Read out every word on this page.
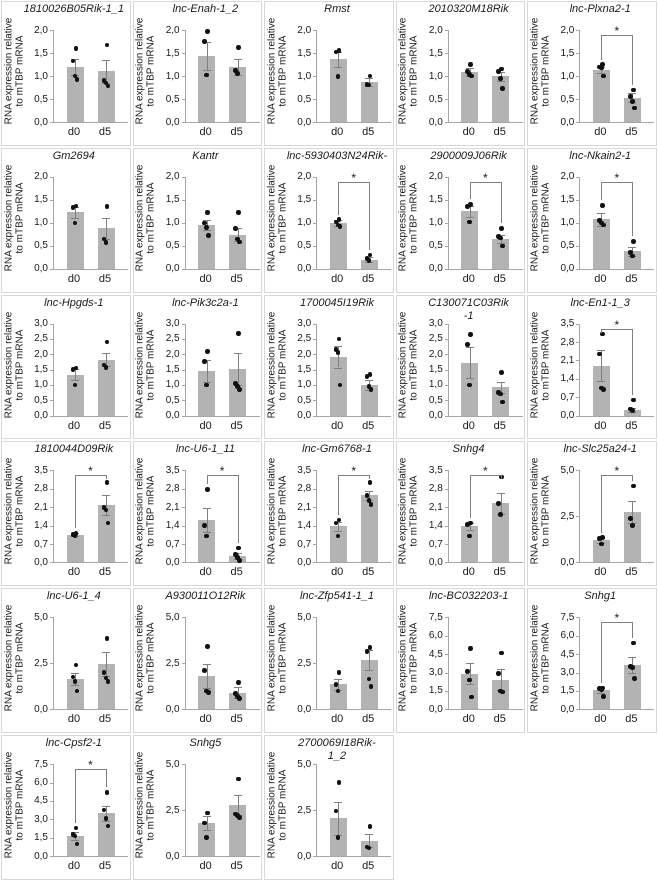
1810026B05Rik-1_1
RNA expression relative to mTBP mRNA
0,0
0,5
1,0
1,5
2,0
d0	d5
lnc-Enah-1_2
RNA expression relative to mTBP mRNA
0,0
0,5
1,0
1,5
2,0
d0	d5
Rmst
RNA expression relative to mTBP mRNA
0,0
0,5
1,0
1,5
2,0
d0	d5
2010320M18Rik
RNA expression relative to mTBP mRNA
0,0
0,5
1,0
1,5
2,0
d0	d5
lnc-Plxna2-1
RNA expression relative to mTBP mRNA
*
0,0
0,5
1,0
1,5
2,0
d0	d5
Gm2694
RNA expression relative to mTBP mRNA
0,0
0,5
1,0
1,5
2,0
d0	d5
Kantr
RNA expression relative to mTBP mRNA
0,0
0,5
1,0
1,5
2,0
d0	d5
lnc-5930403N24Rik-
RNA expression relative to mTBP mRNA
*
0,0
0,5
1,0
1,5
2,0
d0	d5
2900009J06Rik
RNA expression relative to mTBP mRNA
*
0,0
0,5
1,0
1,5
2,0
d0	d5
lnc-Nkain2-1
RNA expression relative to mTBP mRNA
*
0,0
0,5
1,0
1,5
2,0
d0	d5
lnc-Hpgds-1
RNA expression relative to mTBP mRNA
0,0
0,5
1,0
1,5
2,0
2,5
3,0
d0	d5
lnc-Pik3c2a-1
RNA expression relative to mTBP mRNA
0,0
0,5
1,0
1,5
2,0
2,5
3,0
d0	d5
1700045I19Rik
RNA expression relative to mTBP mRNA
0,0
0,5
1,0
1,5
2,0
2,5
3,0
d0	d5
C130071C03Rik
-1
RNA expression relative to mTBP mRNA
0,0
0,5
1,0
1,5
2,0
2,5
3,0
d0	d5
lnc-En1-1_3
RNA expression relative to mTBP mRNA
*
0,0
0,7
1,4
2,1
2,8
3,5
d0	d5
1810044D09Rik
RNA expression relative to mTBP mRNA
*
0,0
0,7
1,4
2,1
2,8
3,5
d0	d5
lnc-U6-1_11
RNA expression relative to mTBP mRNA
*
0,0
0,7
1,4
2,1
2,8
3,5
d0	d5
lnc-Gm6768-1
RNA expression relative to mTBP mRNA
*
0,0
0,7
1,4
2,1
2,8
3,5
d0	d5
Snhg4
RNA expression relative to mTBP mRNA
*
0,0
0,7
1,4
2,1
2,8
3,5
d0	d5
lnc-Slc25a24-1
RNA expression relative to mTBP mRNA
*
0,0
2,5
5,0
d0	d5
lnc-U6-1_4
RNA expression relative to mTBP mRNA
0,0
2,5
5,0
d0	d5
A930011O12Rik
RNA expression relative to mTBP mRNA
0,0
2,5
5,0
d0	d5
lnc-Zfp541-1_1
RNA expression relative to mTBP mRNA
0,0
2,5
5,0
d0	d5
lnc-BC032203-1
RNA expression relative to mTBP mRNA
0,0
1,5
3,0
4,5
6,0
7,5
d0	d5
Snhg1
RNA expression relative to mTBP mRNA
*
0,0
1,5
3,0
4,5
6,0
7,5
d0	d5
lnc-Cpsf2-1
RNA expression relative to mTBP mRNA
*
0,0
1,5
3,0
4,5
6,0
7,5
d0	d5
Snhg5
RNA expression relative to mTBP mRNA
0,0
2,5
5,0
d0	d5
2700069I18Rik-
1_2
RNA expression relative to mTBP mRNA
0,0
2,5
5,0
d0	d5
